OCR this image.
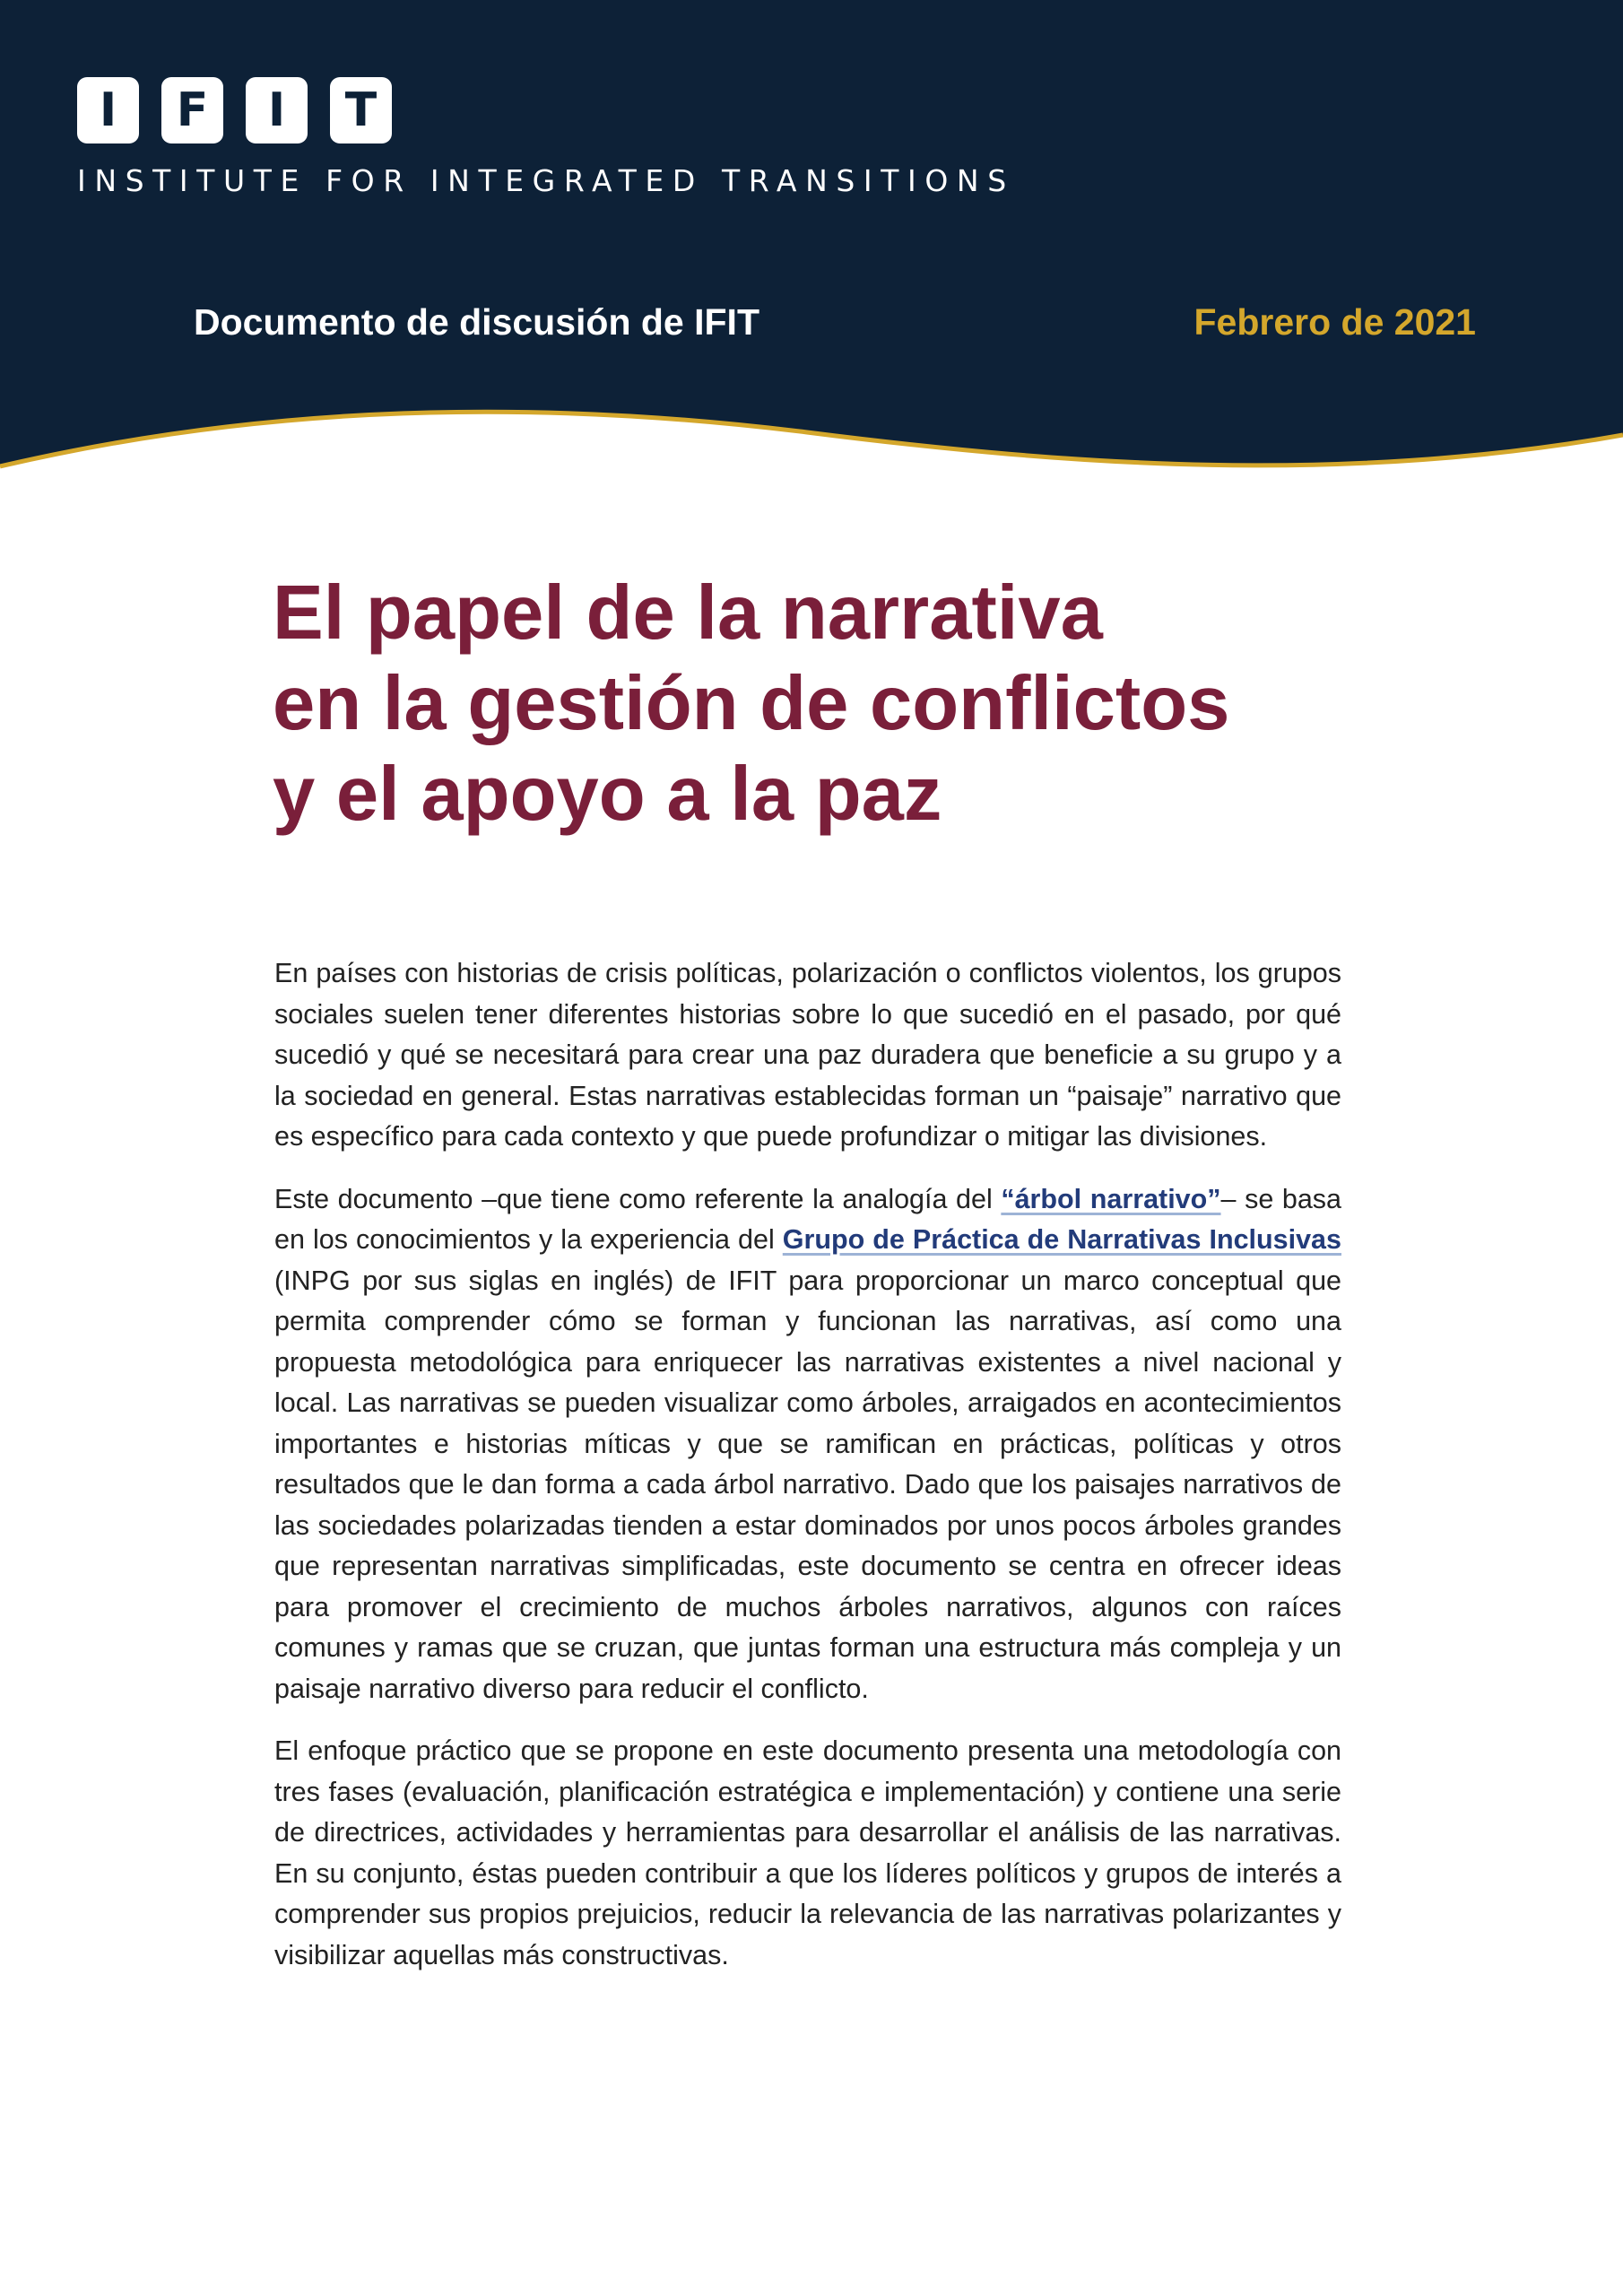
I	F	I	T
INSTITUTE FOR INTEGRATED TRANSITIONS
Documento de discusión de IFIT	Febrero de 2021
El papel de la narrativa
en la gestión de conflictos
y el apoyo a la paz

En países con historias de crisis políticas, polarización o conflictos violentos, los grupos sociales suelen tener diferentes historias sobre lo que sucedió en el pasado, por qué sucedió y qué se necesitará para crear una paz duradera que beneficie a su grupo y a la sociedad en general. Estas narrativas establecidas forman un “paisaje” narrativo que es específico para cada contexto y que puede profundizar o mitigar las divisiones.

Este documento –que tiene como referente la analogía del “árbol narrativo”– se basa en los conocimientos y la experiencia del Grupo de Práctica de Narrativas Inclusivas (INPG por sus siglas en inglés) de IFIT para proporcionar un marco conceptual que permita comprender cómo se forman y funcionan las narrativas, así como una propuesta metodológica para enriquecer las narrativas existentes a nivel nacional y local. Las narrativas se pueden visualizar como árboles, arraigados en acontecimientos importantes e historias míticas y que se ramifican en prácticas, políticas y otros resultados que le dan forma a cada árbol narrativo. Dado que los paisajes narrativos de las sociedades polarizadas tienden a estar dominados por unos pocos árboles grandes que representan narrativas simplificadas, este documento se centra en ofrecer ideas para promover el crecimiento de muchos árboles narrativos, algunos con raíces comunes y ramas que se cruzan, que juntas forman una estructura más compleja y un paisaje narrativo diverso para reducir el conflicto.

El enfoque práctico que se propone en este documento presenta una metodología con tres fases (evaluación, planificación estratégica e implementación) y contiene una serie de directrices, actividades y herramientas para desarrollar el análisis de las narrativas. En su conjunto, éstas pueden contribuir a que los líderes políticos y grupos de interés a comprender sus propios prejuicios, reducir la relevancia de las narrativas polarizantes y visibilizar aquellas más constructivas.
